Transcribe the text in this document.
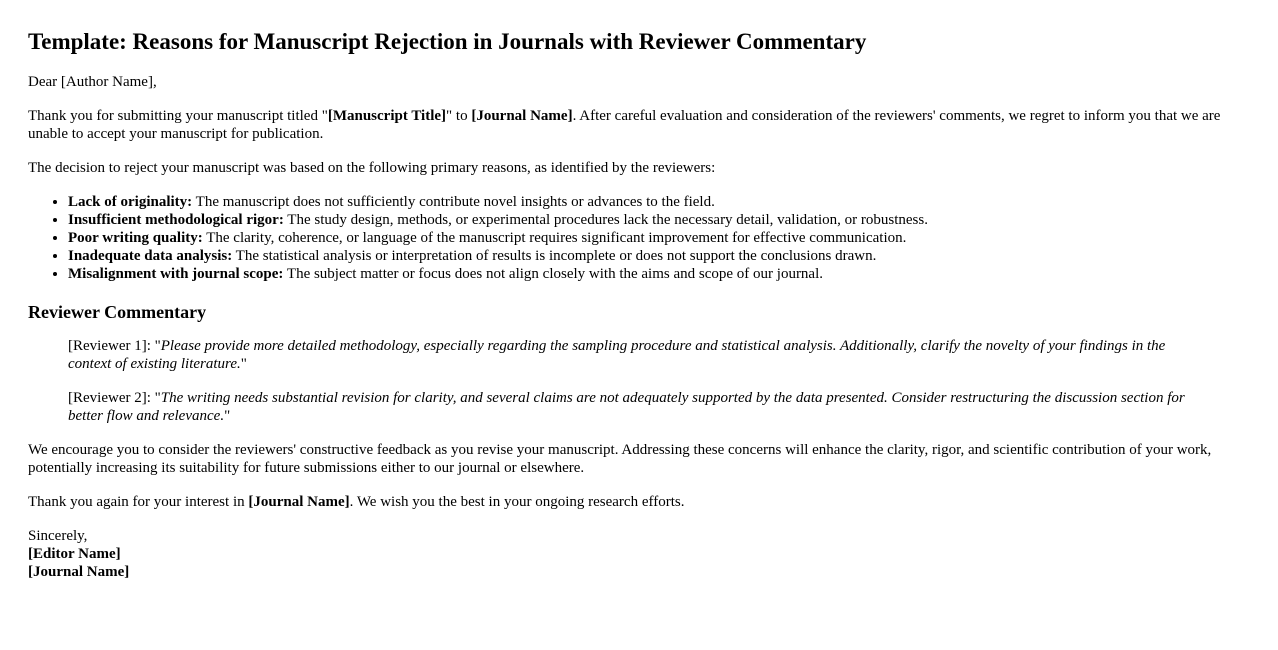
Template: Reasons for Manuscript Rejection in Journals with Reviewer Commentary

Dear [Author Name],

Thank you for submitting your manuscript titled "[Manuscript Title]" to [Journal Name]. After careful evaluation and consideration of the reviewers' comments, we regret to inform you that we are unable to accept your manuscript for publication.

The decision to reject your manuscript was based on the following primary reasons, as identified by the reviewers:

• Lack of originality: The manuscript does not sufficiently contribute novel insights or advances to the field.
• Insufficient methodological rigor: The study design, methods, or experimental procedures lack the necessary detail, validation, or robustness.
• Poor writing quality: The clarity, coherence, or language of the manuscript requires significant improvement for effective communication.
• Inadequate data analysis: The statistical analysis or interpretation of results is incomplete or does not support the conclusions drawn.
• Misalignment with journal scope: The subject matter or focus does not align closely with the aims and scope of our journal.
Reviewer Commentary
[Reviewer 1]: "Please provide more detailed methodology, especially regarding the sampling procedure and statistical analysis. Additionally, clarify the novelty of your findings in the context of existing literature."
[Reviewer 2]: "The writing needs substantial revision for clarity, and several claims are not adequately supported by the data presented. Consider restructuring the discussion section for better flow and relevance."

We encourage you to consider the reviewers' constructive feedback as you revise your manuscript. Addressing these concerns will enhance the clarity, rigor, and scientific contribution of your work, potentially increasing its suitability for future submissions either to our journal or elsewhere.

Thank you again for your interest in [Journal Name]. We wish you the best in your ongoing research efforts.

Sincerely,
[Editor Name]
[Journal Name]
